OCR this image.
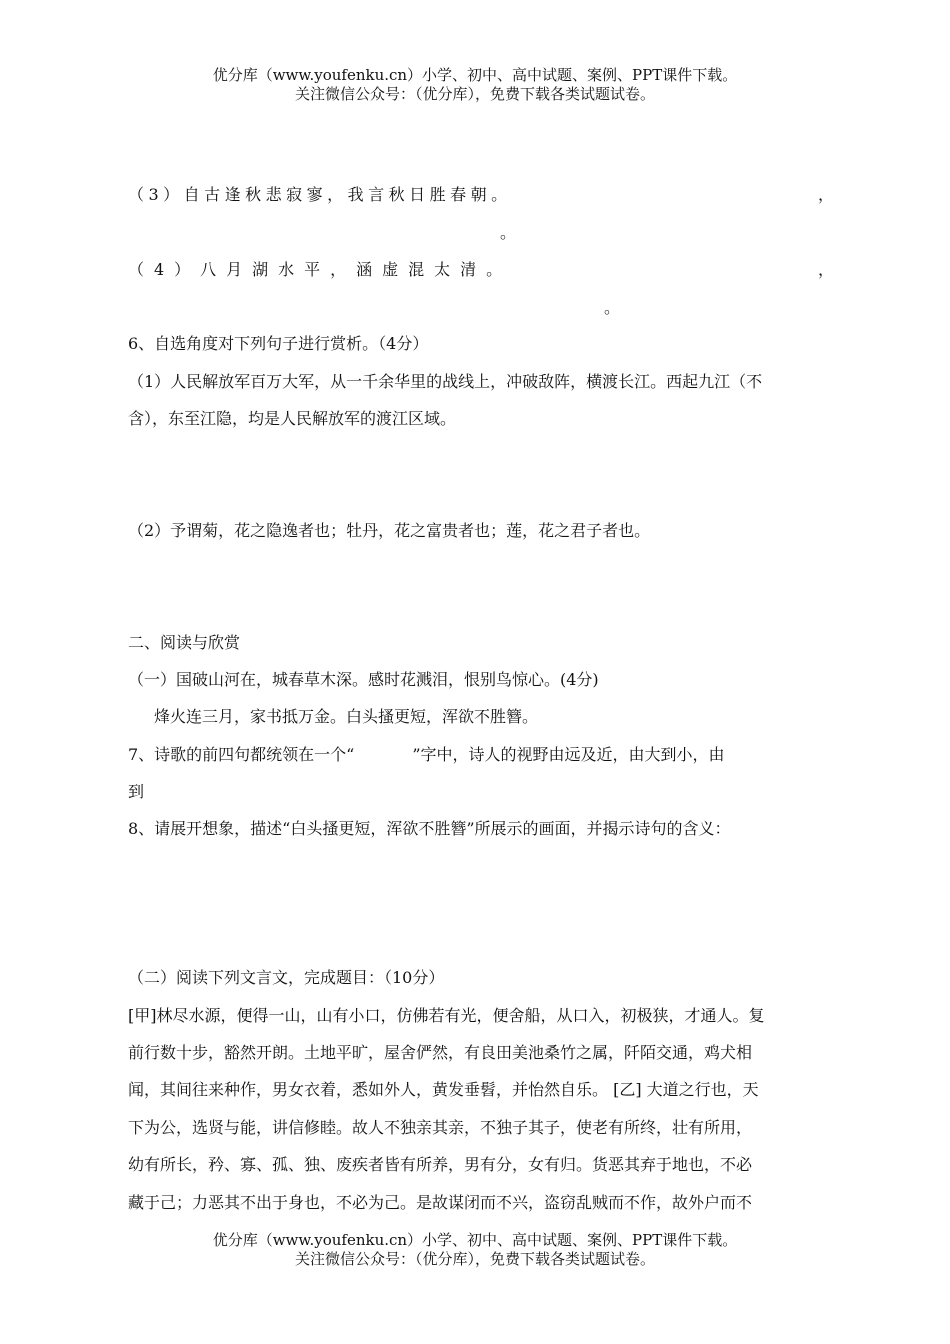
优分库（www.youfenku.cn）小学、初中、高中试题、案例、PPT课件下载。
关注微信公众号：（优分库），免费下载各类试题试卷。
（3）自古逢秋悲寂寥，我言秋日胜春朝。	，
。
（4）八月湖水平，涵虚混太清。	，
。
6、自选角度对下列句子进行赏析。（4分）
（1）人民解放军百万大军，从一千余华里的战线上，冲破敌阵，横渡长江。西起九江（不
含），东至江隐，均是人民解放军的渡江区域。
（2）予谓菊，花之隐逸者也；牡丹，花之富贵者也；莲，花之君子者也。
二、阅读与欣赏
（一）国破山河在，城春草木深。感时花溅泪，恨别鸟惊心。(4分)
烽火连三月，家书抵万金。白头搔更短，浑欲不胜簪。
7、诗歌的前四句都统领在一个“	”字中，诗人的视野由远及近，由大到小，由
到
8、请展开想象，描述“白头搔更短，浑欲不胜簪”所展示的画面，并揭示诗句的含义：
（二）阅读下列文言文，完成题目：（10分）
[甲]林尽水源，便得一山，山有小口，仿佛若有光，便舍船，从口入，初极狭，才通人。复
前行数十步，豁然开朗。土地平旷，屋舍俨然，有良田美池桑竹之属，阡陌交通，鸡犬相
闻，其间往来种作，男女衣着，悉如外人，黄发垂髫，并怡然自乐。 [乙] 大道之行也，天
下为公，选贤与能，讲信修睦。故人不独亲其亲，不独子其子，使老有所终，壮有所用，
幼有所长，矜、寡、孤、独、废疾者皆有所养，男有分，女有归。货恶其弃于地也，不必
藏于己；力恶其不出于身也，不必为己。是故谋闭而不兴，盗窃乱贼而不作，故外户而不
优分库（www.youfenku.cn）小学、初中、高中试题、案例、PPT课件下载。
关注微信公众号：（优分库），免费下载各类试题试卷。
